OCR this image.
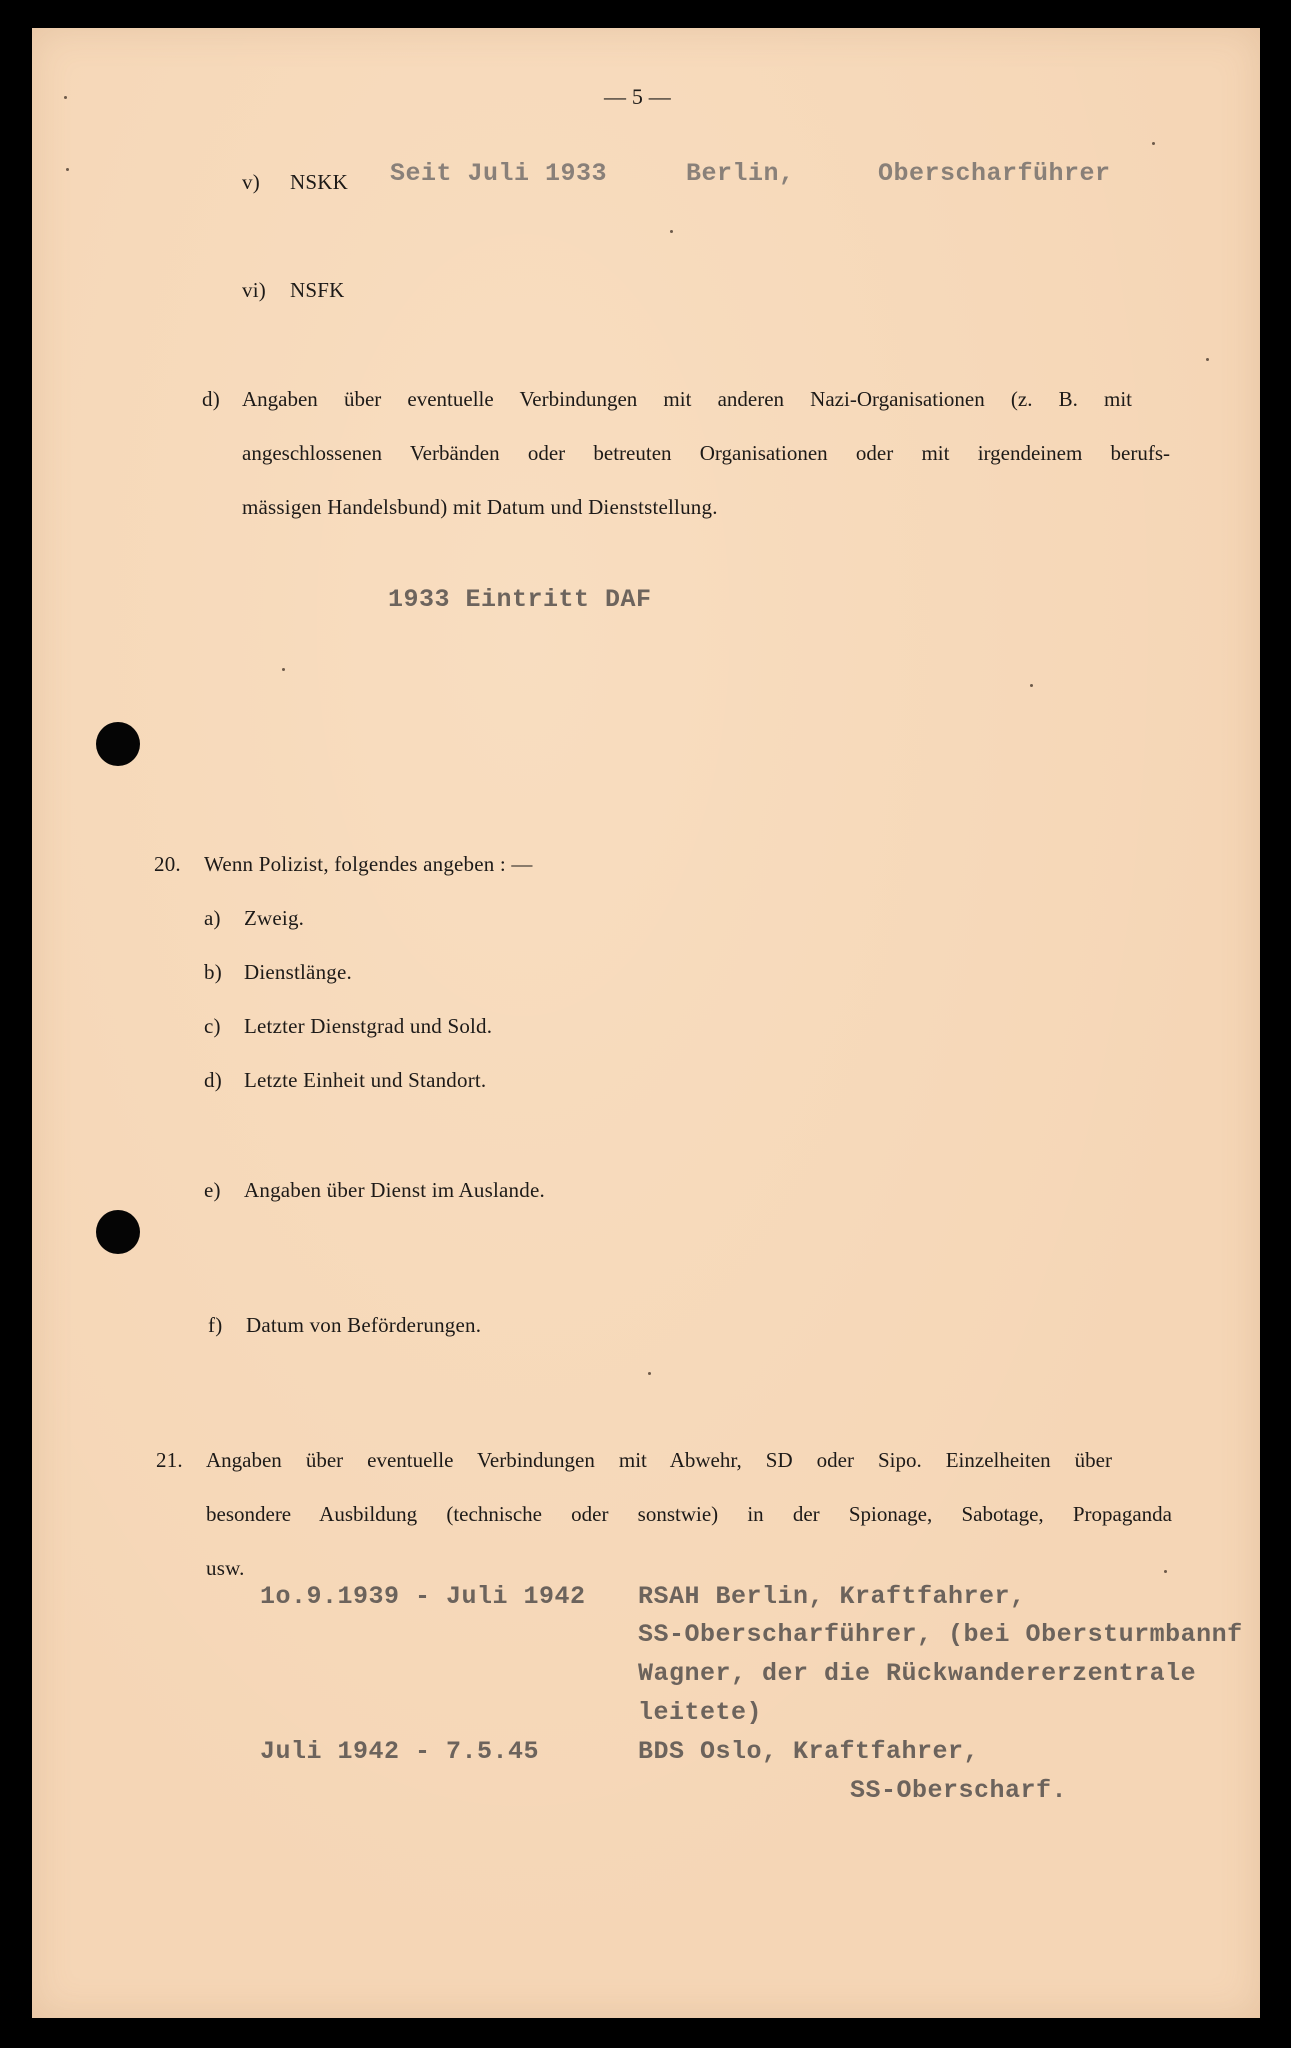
— 5 —
v) NSKK Seit Juli 1933	Berlin,	Oberscharführer
vi) NSFK
d) Angaben über eventuelle Verbindungen mit anderen Nazi-Organisationen (z. B. mit
angeschlossenen Verbänden oder betreuten Organisationen oder mit irgendeinem berufs-
mässigen Handelsbund) mit Datum und Dienststellung.
1933 Eintritt DAF
20. Wenn Polizist, folgendes angeben : —
a) Zweig.
b) Dienstlänge.
c) Letzter Dienstgrad und Sold.
d) Letzte Einheit und Standort.
e) Angaben über Dienst im Auslande.
f) Datum von Beförderungen.
21. Angaben über eventuelle Verbindungen mit Abwehr, SD oder Sipo. Einzelheiten über
besondere Ausbildung (technische oder sonstwie) in der Spionage, Sabotage, Propaganda
usw.
1o.9.1939 - Juli 1942 RSAH Berlin, Kraftfahrer,
SS-Oberscharführer, (bei Obersturmbannf
Wagner, der die Rückwandererzentrale
leitete)
Juli 1942 - 7.5.45	BDS Oslo, Kraftfahrer,
SS-Oberscharf.
